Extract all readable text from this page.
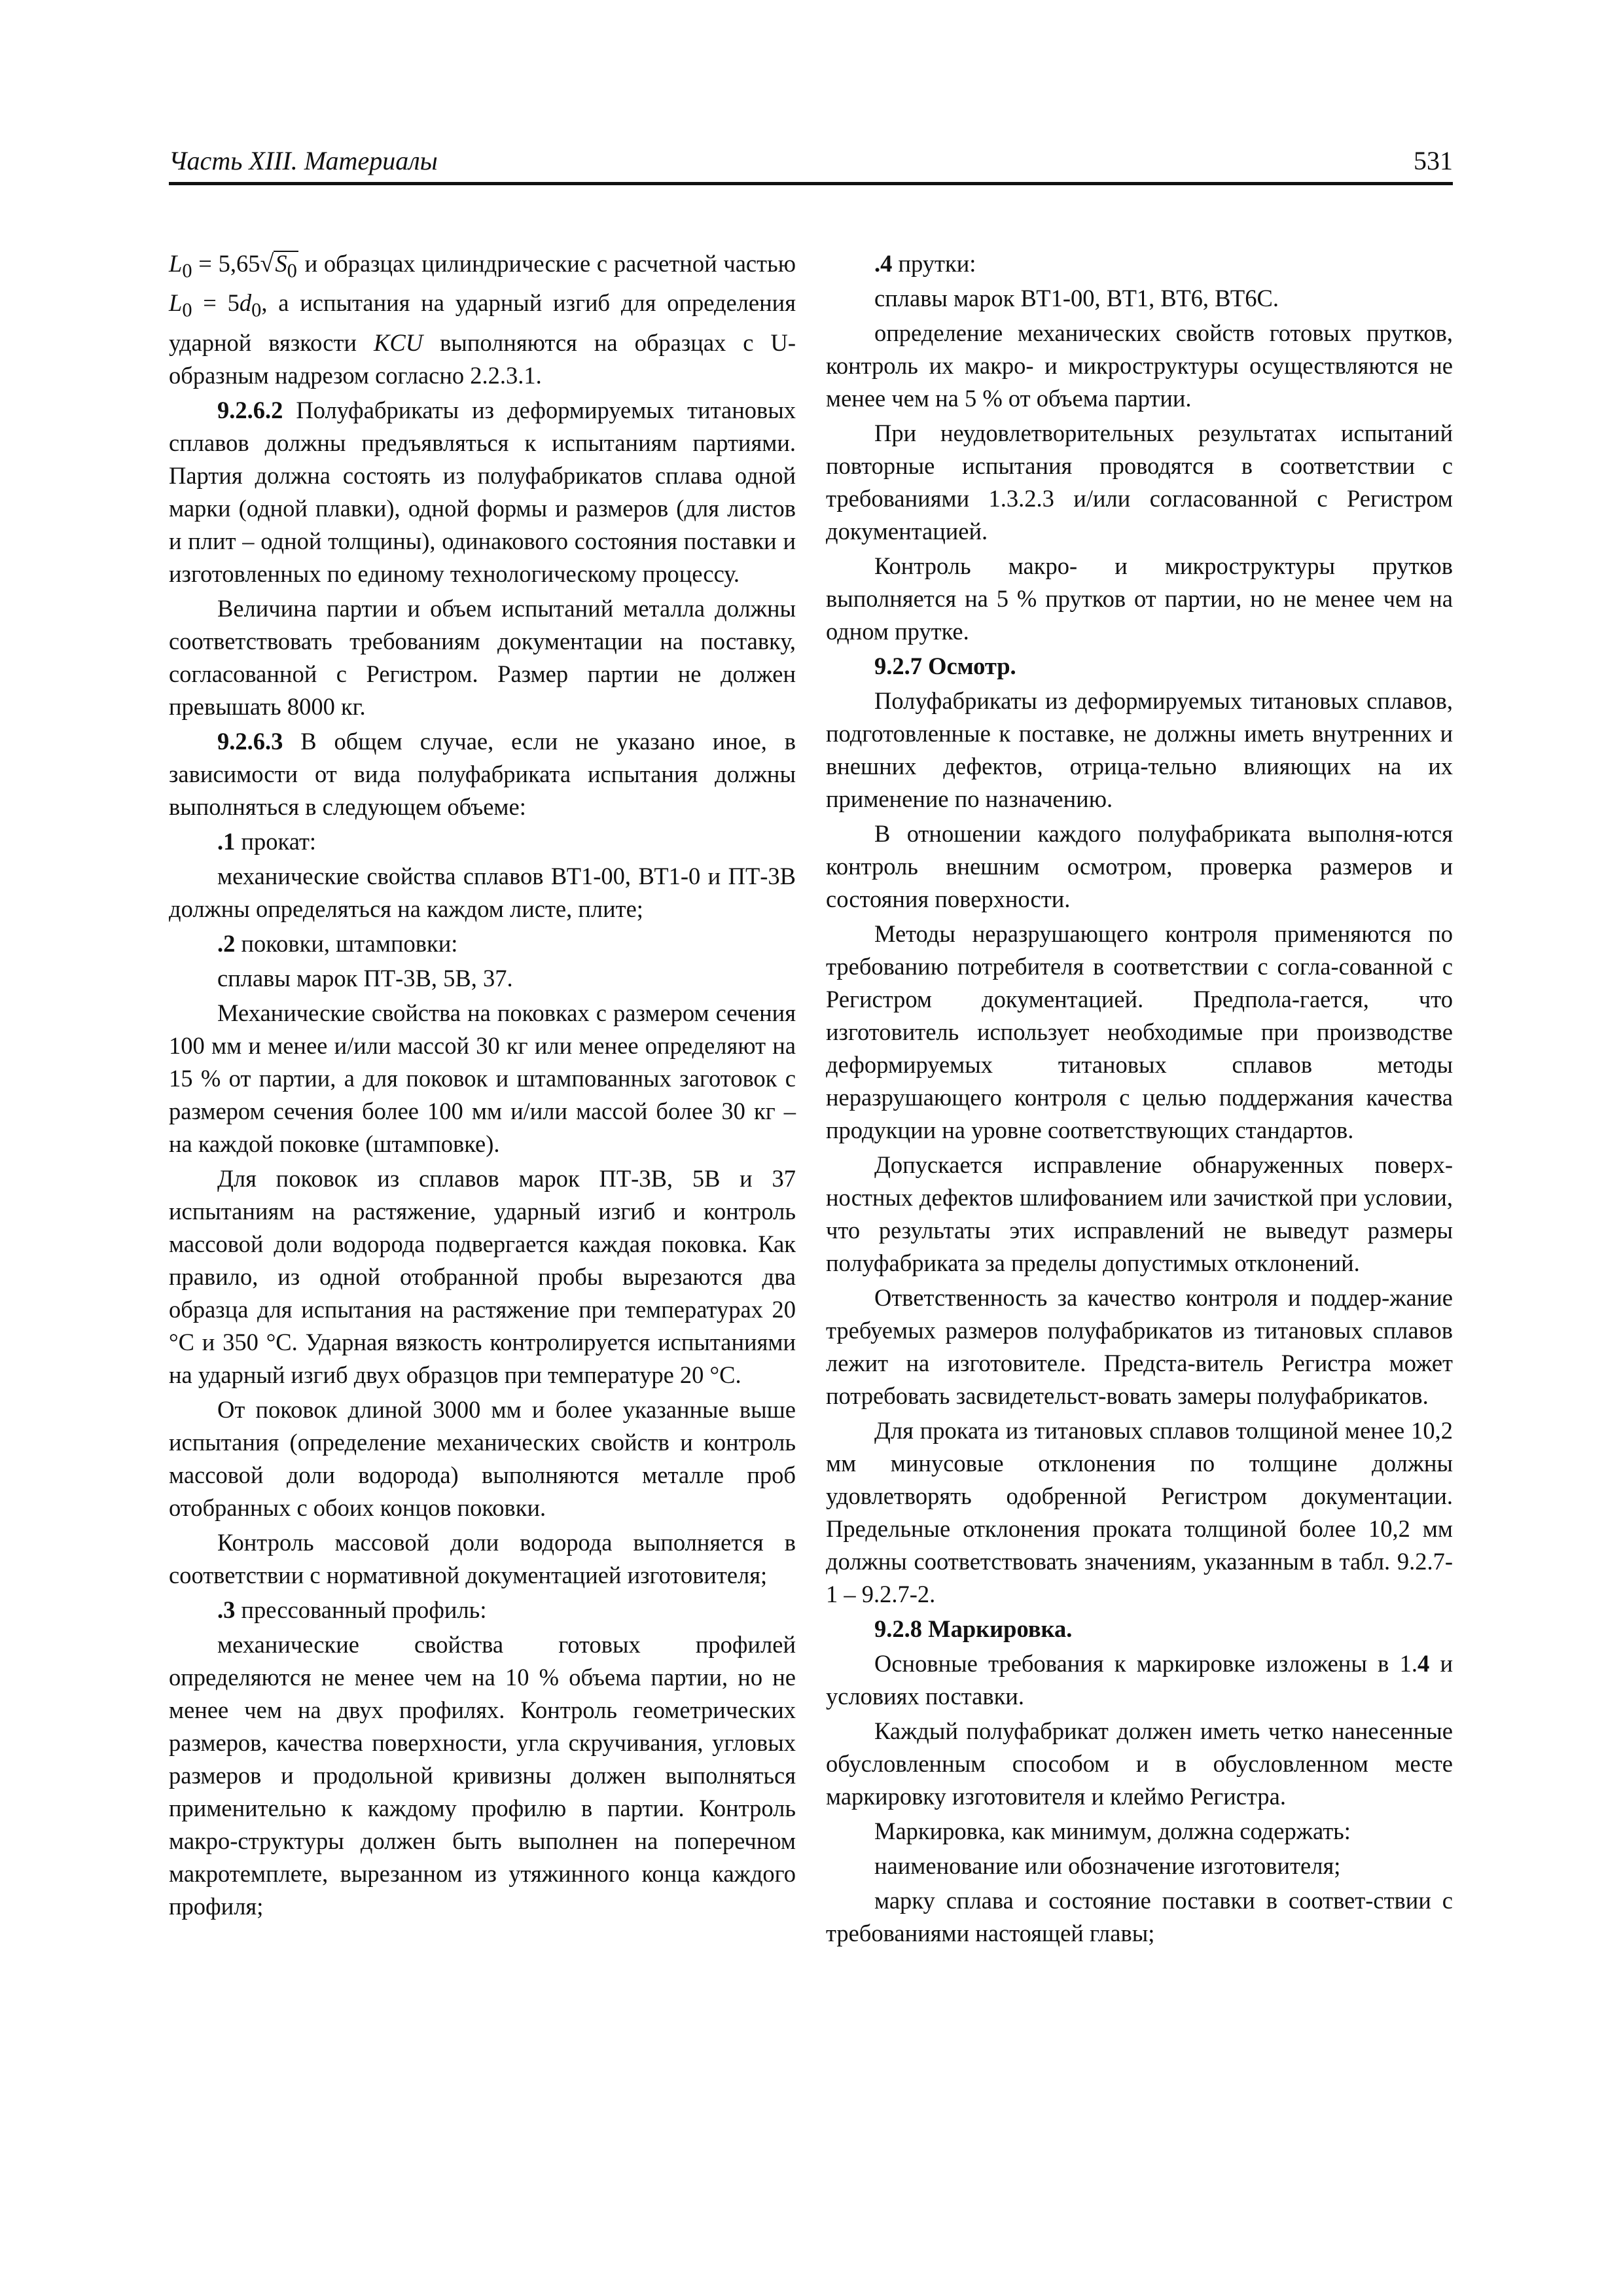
Часть XIII. Материалы	531

$L_0 = 5,65√S_0$ и образцах цилиндрические с расчетной частью $L_0 = 5d_0$, а испытания на ударный изгиб для определения ударной вязкости KCU выполняются на образцах с U-образным надрезом согласно 2.2.3.1.

9.2.6.2 Полуфабрикаты из деформируемых титановых сплавов должны предъявляться к испытаниям партиями. Партия должна состоять из полуфабрикатов сплава одной марки (одной плавки), одной формы и размеров (для листов и плит – одной толщины), одинакового состояния поставки и изготовленных по единому технологическому процессу.

Величина партии и объем испытаний металла должны соответствовать требованиям документации на поставку, согласованной с Регистром. Размер партии не должен превышать 8000 кг.

9.2.6.3 В общем случае, если не указано иное, в зависимости от вида полуфабриката испытания должны выполняться в следующем объеме:

.1 прокат:

механические свойства сплавов ВТ1-00, ВТ1-0 и ПТ-3В должны определяться на каждом листе, плите;

.2 поковки, штамповки:

сплавы марок ПТ-3В, 5В, 37.

Механические свойства на поковках с размером сечения 100 мм и менее и/или массой 30 кг или менее определяют на 15 % от партии, а для поковок и штампованных заготовок с размером сечения более 100 мм и/или массой более 30 кг – на каждой поковке (штамповке).

Для поковок из сплавов марок ПТ-3В, 5В и 37 испытаниям на растяжение, ударный изгиб и контроль массовой доли водорода подвергается каждая поковка. Как правило, из одной отобранной пробы вырезаются два образца для испытания на растяжение при температурах 20 °С и 350 °С. Ударная вязкость контролируется испытаниями на ударный изгиб двух образцов при температуре 20 °С.

От поковок длиной 3000 мм и более указанные выше испытания (определение механических свойств и контроль массовой доли водорода) выполняются металле проб отобранных с обоих концов поковки.

Контроль массовой доли водорода выполняется в соответствии с нормативной документацией изготовителя;

.3 прессованный профиль:

механические свойства готовых профилей определяются не менее чем на 10 % объема партии, но не менее чем на двух профилях. Контроль геометрических размеров, качества поверхности, угла скручивания, угловых размеров и продольной кривизны должен выполняться применительно к каждому профилю в партии. Контроль макро-структуры должен быть выполнен на поперечном макротемплете, вырезанном из утяжинного конца каждого профиля;

.4 прутки:

сплавы марок ВТ1-00, ВТ1, ВТ6, ВТ6С.

определение механических свойств готовых прутков, контроль их макро- и микроструктуры осуществляются не менее чем на 5 % от объема партии.

При неудовлетворительных результатах испытаний повторные испытания проводятся в соответствии с требованиями 1.3.2.3 и/или согласованной с Регистром документацией.

Контроль макро- и микроструктуры прутков выполняется на 5 % прутков от партии, но не менее чем на одном прутке.

9.2.7 Осмотр.

Полуфабрикаты из деформируемых титановых сплавов, подготовленные к поставке, не должны иметь внутренних и внешних дефектов, отрица-тельно влияющих на их применение по назначению.

В отношении каждого полуфабриката выполня-ются контроль внешним осмотром, проверка размеров и состояния поверхности.

Методы неразрушающего контроля применяются по требованию потребителя в соответствии с согла-сованной с Регистром документацией. Предпола-гается, что изготовитель использует необходимые при производстве деформируемых титановых сплавов методы неразрушающего контроля с целью поддержания качества продукции на уровне соответствующих стандартов.

Допускается исправление обнаруженных поверх-ностных дефектов шлифованием или зачисткой при условии, что результаты этих исправлений не выведут размеры полуфабриката за пределы допустимых отклонений.

Ответственность за качество контроля и поддер-жание требуемых размеров полуфабрикатов из титановых сплавов лежит на изготовителе. Предста-витель Регистра может потребовать засвидетельст-вовать замеры полуфабрикатов.

Для проката из титановых сплавов толщиной менее 10,2 мм минусовые отклонения по толщине должны удовлетворять одобренной Регистром документации. Предельные отклонения проката толщиной более 10,2 мм должны соответствовать значениям, указанным в табл. 9.2.7-1 – 9.2.7-2.

9.2.8 Маркировка.

Основные требования к маркировке изложены в 1.4 и условиях поставки.

Каждый полуфабрикат должен иметь четко нанесенные обусловленным способом и в обусловленном месте маркировку изготовителя и клеймо Регистра.

Маркировка, как минимум, должна содержать:

наименование или обозначение изготовителя;

марку сплава и состояние поставки в соответ-ствии с требованиями настоящей главы;
